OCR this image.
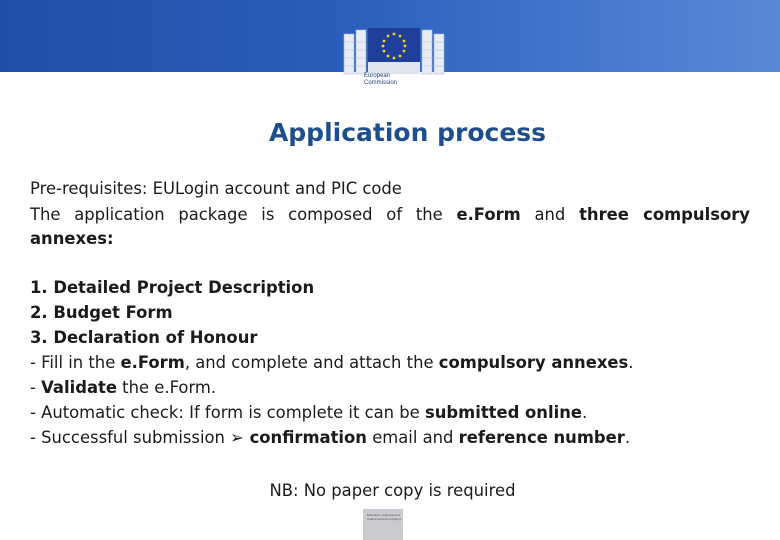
European
Commission
Application process
Pre-requisites: EULogin account and PIC code
The application package is composed of the e.Form and three compulsory
annexes:
1. Detailed Project Description
2. Budget Form
3. Declaration of Honour
- Fill in the e.Form, and complete and attach the compulsory annexes.
- Validate the e.Form.
- Automatic check: If form is complete it can be submitted online.
- Successful submission ➢ confirmation email and reference number.
NB: No paper copy is required
Education, Audiovisual & Culture Executive Agency
